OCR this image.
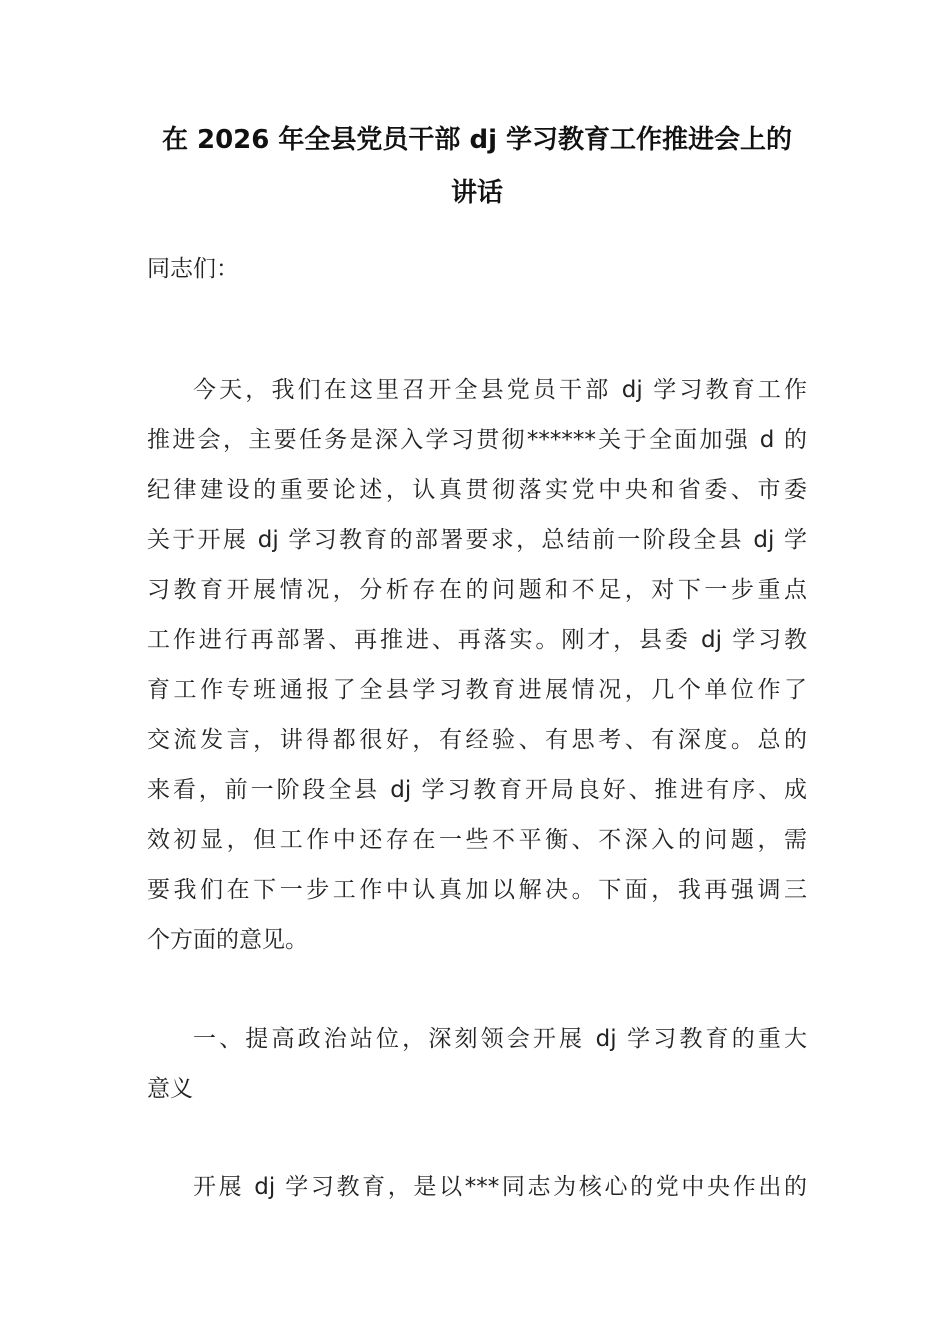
在 2026 年全县党员干部 dj 学习教育工作推进会上的
讲话
同志们：
今天，我们在这里召开全县党员干部 dj 学习教育工作
推进会，主要任务是深入学习贯彻******关于全面加强 d 的
纪律建设的重要论述，认真贯彻落实党中央和省委、市委
关于开展 dj 学习教育的部署要求，总结前一阶段全县 dj 学
习教育开展情况，分析存在的问题和不足，对下一步重点
工作进行再部署、再推进、再落实。刚才，县委 dj 学习教
育工作专班通报了全县学习教育进展情况，几个单位作了
交流发言，讲得都很好，有经验、有思考、有深度。总的
来看，前一阶段全县 dj 学习教育开局良好、推进有序、成
效初显，但工作中还存在一些不平衡、不深入的问题，需
要我们在下一步工作中认真加以解决。下面，我再强调三
个方面的意见。
一、提高政治站位，深刻领会开展 dj 学习教育的重大
意义
开展 dj 学习教育，是以***同志为核心的党中央作出的
